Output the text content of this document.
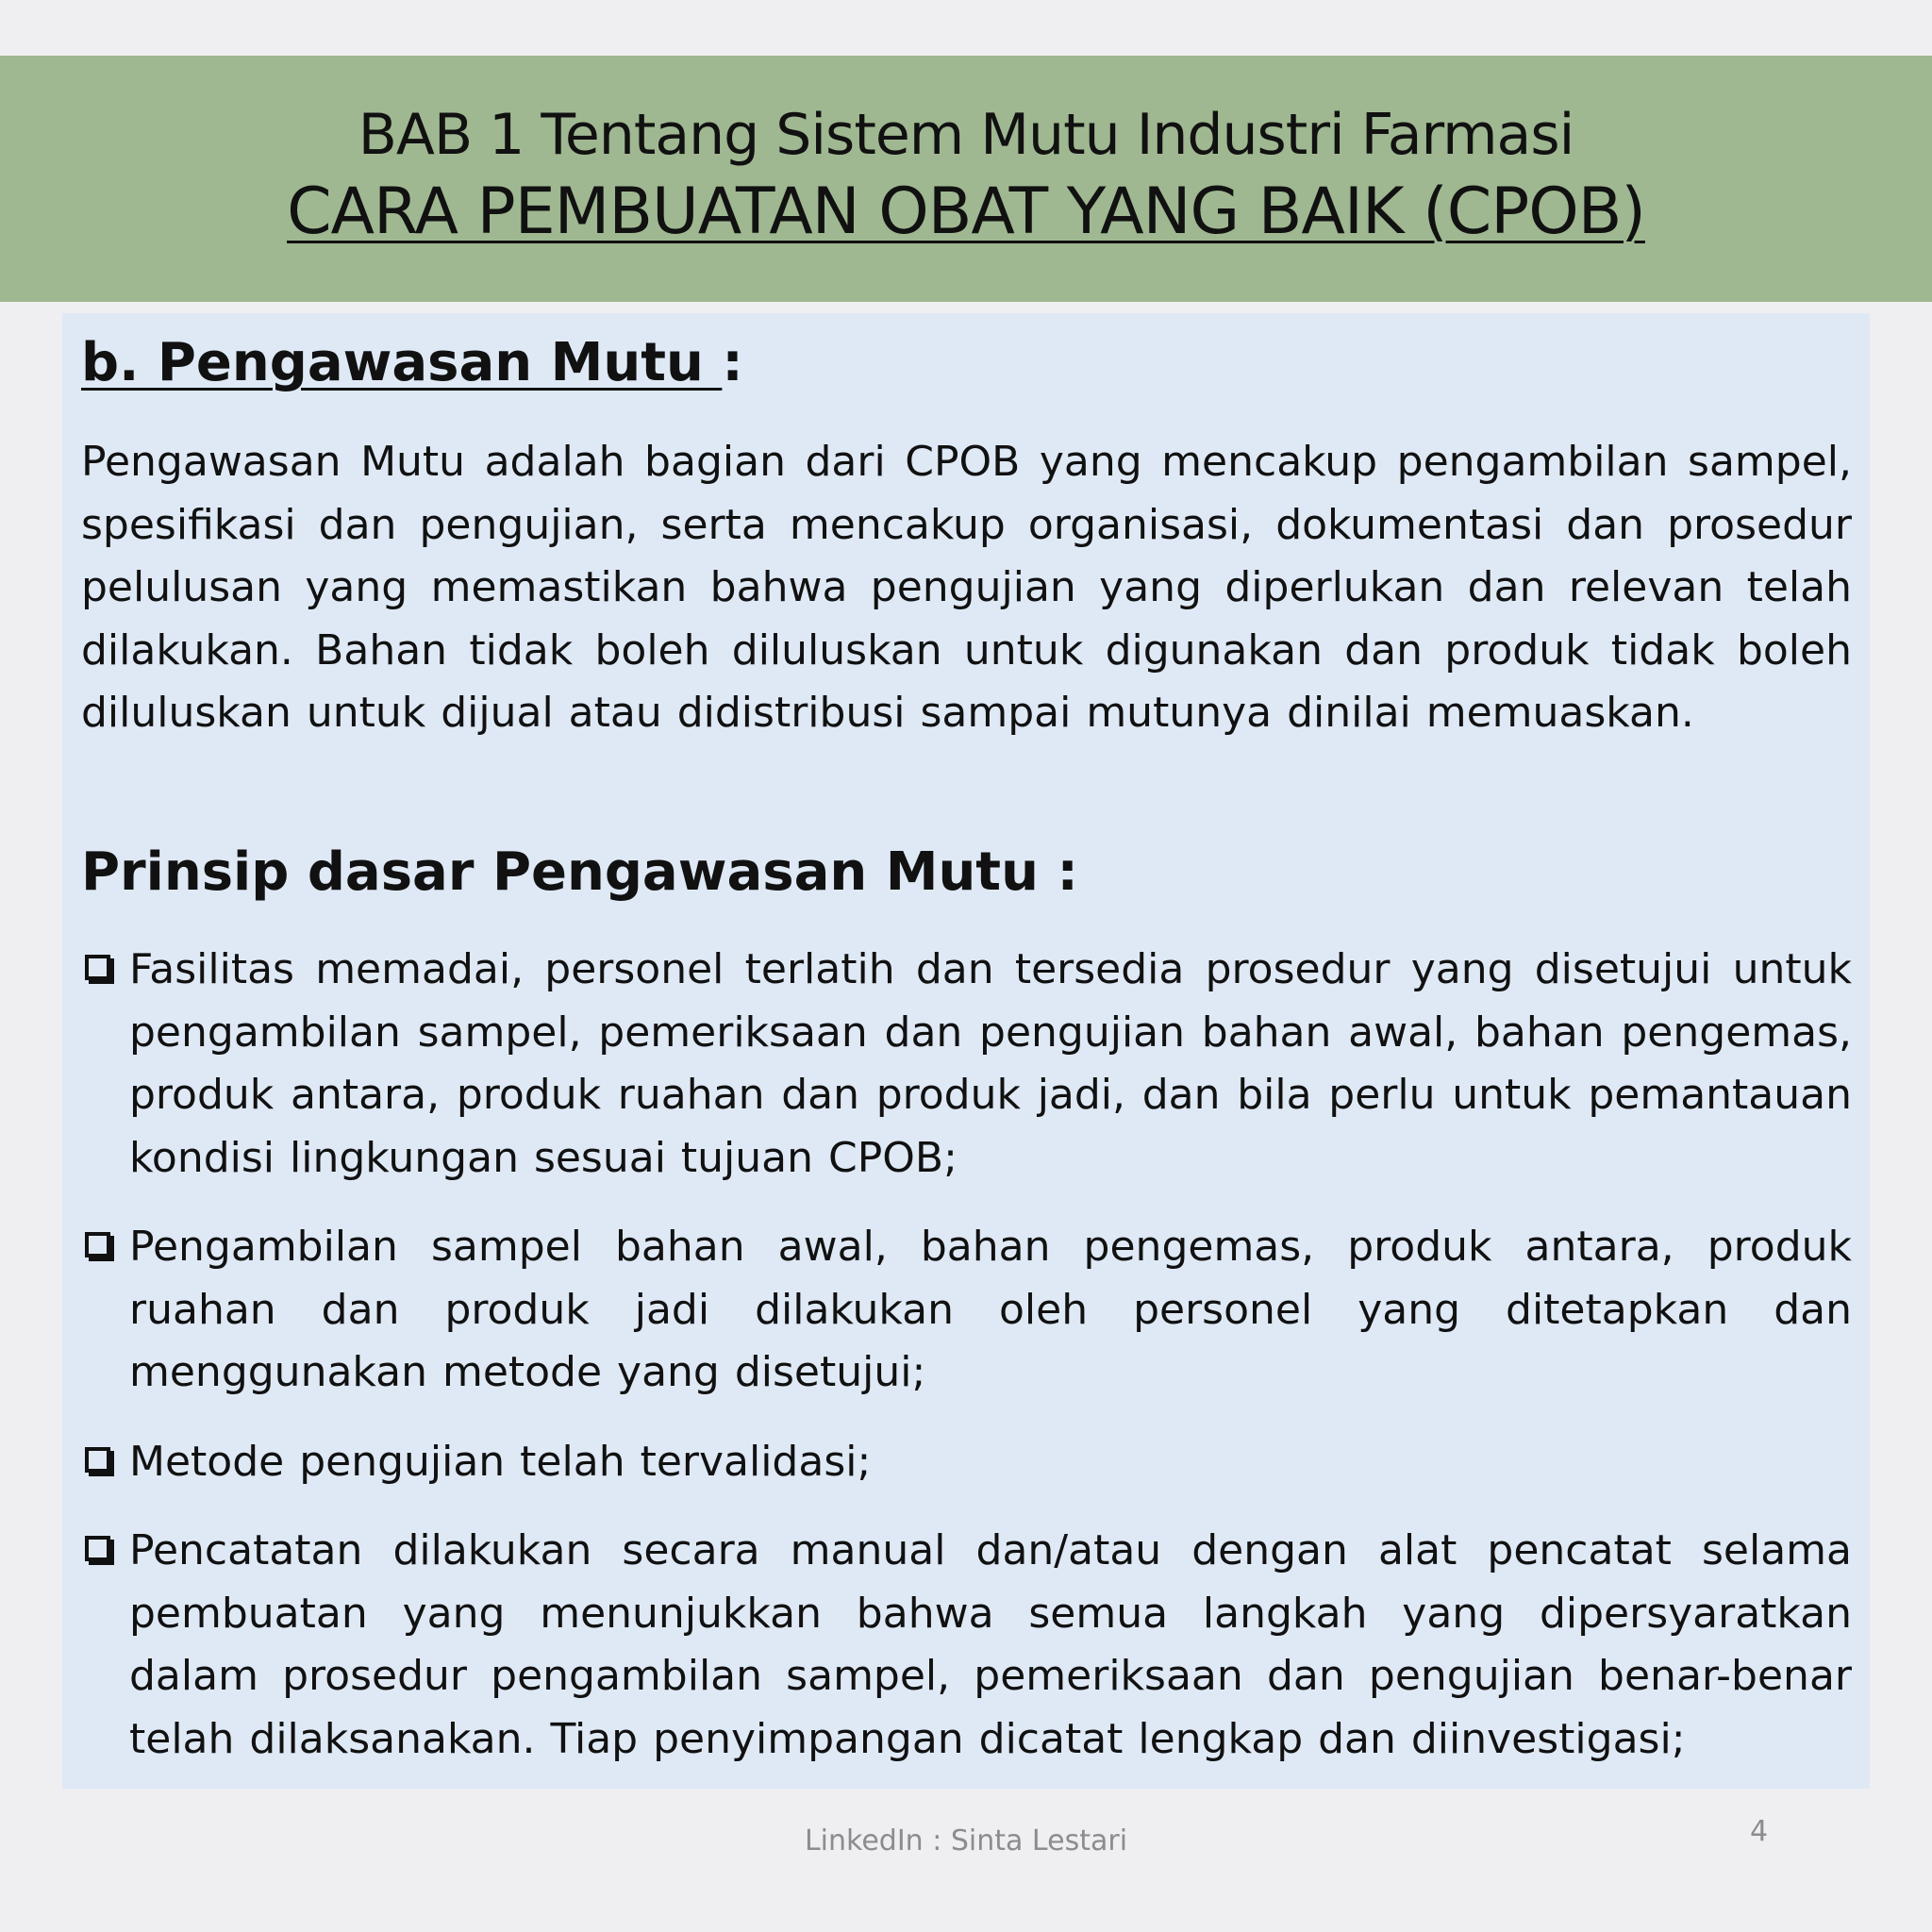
BAB 1 Tentang Sistem Mutu Industri Farmasi
CARA PEMBUATAN OBAT YANG BAIK (CPOB)
b. Pengawasan Mutu :
Pengawasan Mutu adalah bagian dari CPOB yang mencakup pengambilan sampel, spesifikasi dan pengujian, serta mencakup organisasi, dokumentasi dan prosedur pelulusan yang memastikan bahwa pengujian yang diperlukan dan relevan telah dilakukan. Bahan tidak boleh diluluskan untuk digunakan dan produk tidak boleh diluluskan untuk dijual atau didistribusi sampai mutunya dinilai memuaskan.
Prinsip dasar Pengawasan Mutu :
Fasilitas memadai, personel terlatih dan tersedia prosedur yang disetujui untuk pengambilan sampel, pemeriksaan dan pengujian bahan awal, bahan pengemas, produk antara, produk ruahan dan produk jadi, dan bila perlu untuk pemantauan kondisi lingkungan sesuai tujuan CPOB;
Pengambilan sampel bahan awal, bahan pengemas, produk antara, produk ruahan dan produk jadi dilakukan oleh personel yang ditetapkan dan menggunakan metode yang disetujui;
Metode pengujian telah tervalidasi;
Pencatatan dilakukan secara manual dan/atau dengan alat pencatat selama pembuatan yang menunjukkan bahwa semua langkah yang dipersyaratkan dalam prosedur pengambilan sampel, pemeriksaan dan pengujian benar-benar telah dilaksanakan. Tiap penyimpangan dicatat lengkap dan diinvestigasi;
LinkedIn : Sinta Lestari	4
